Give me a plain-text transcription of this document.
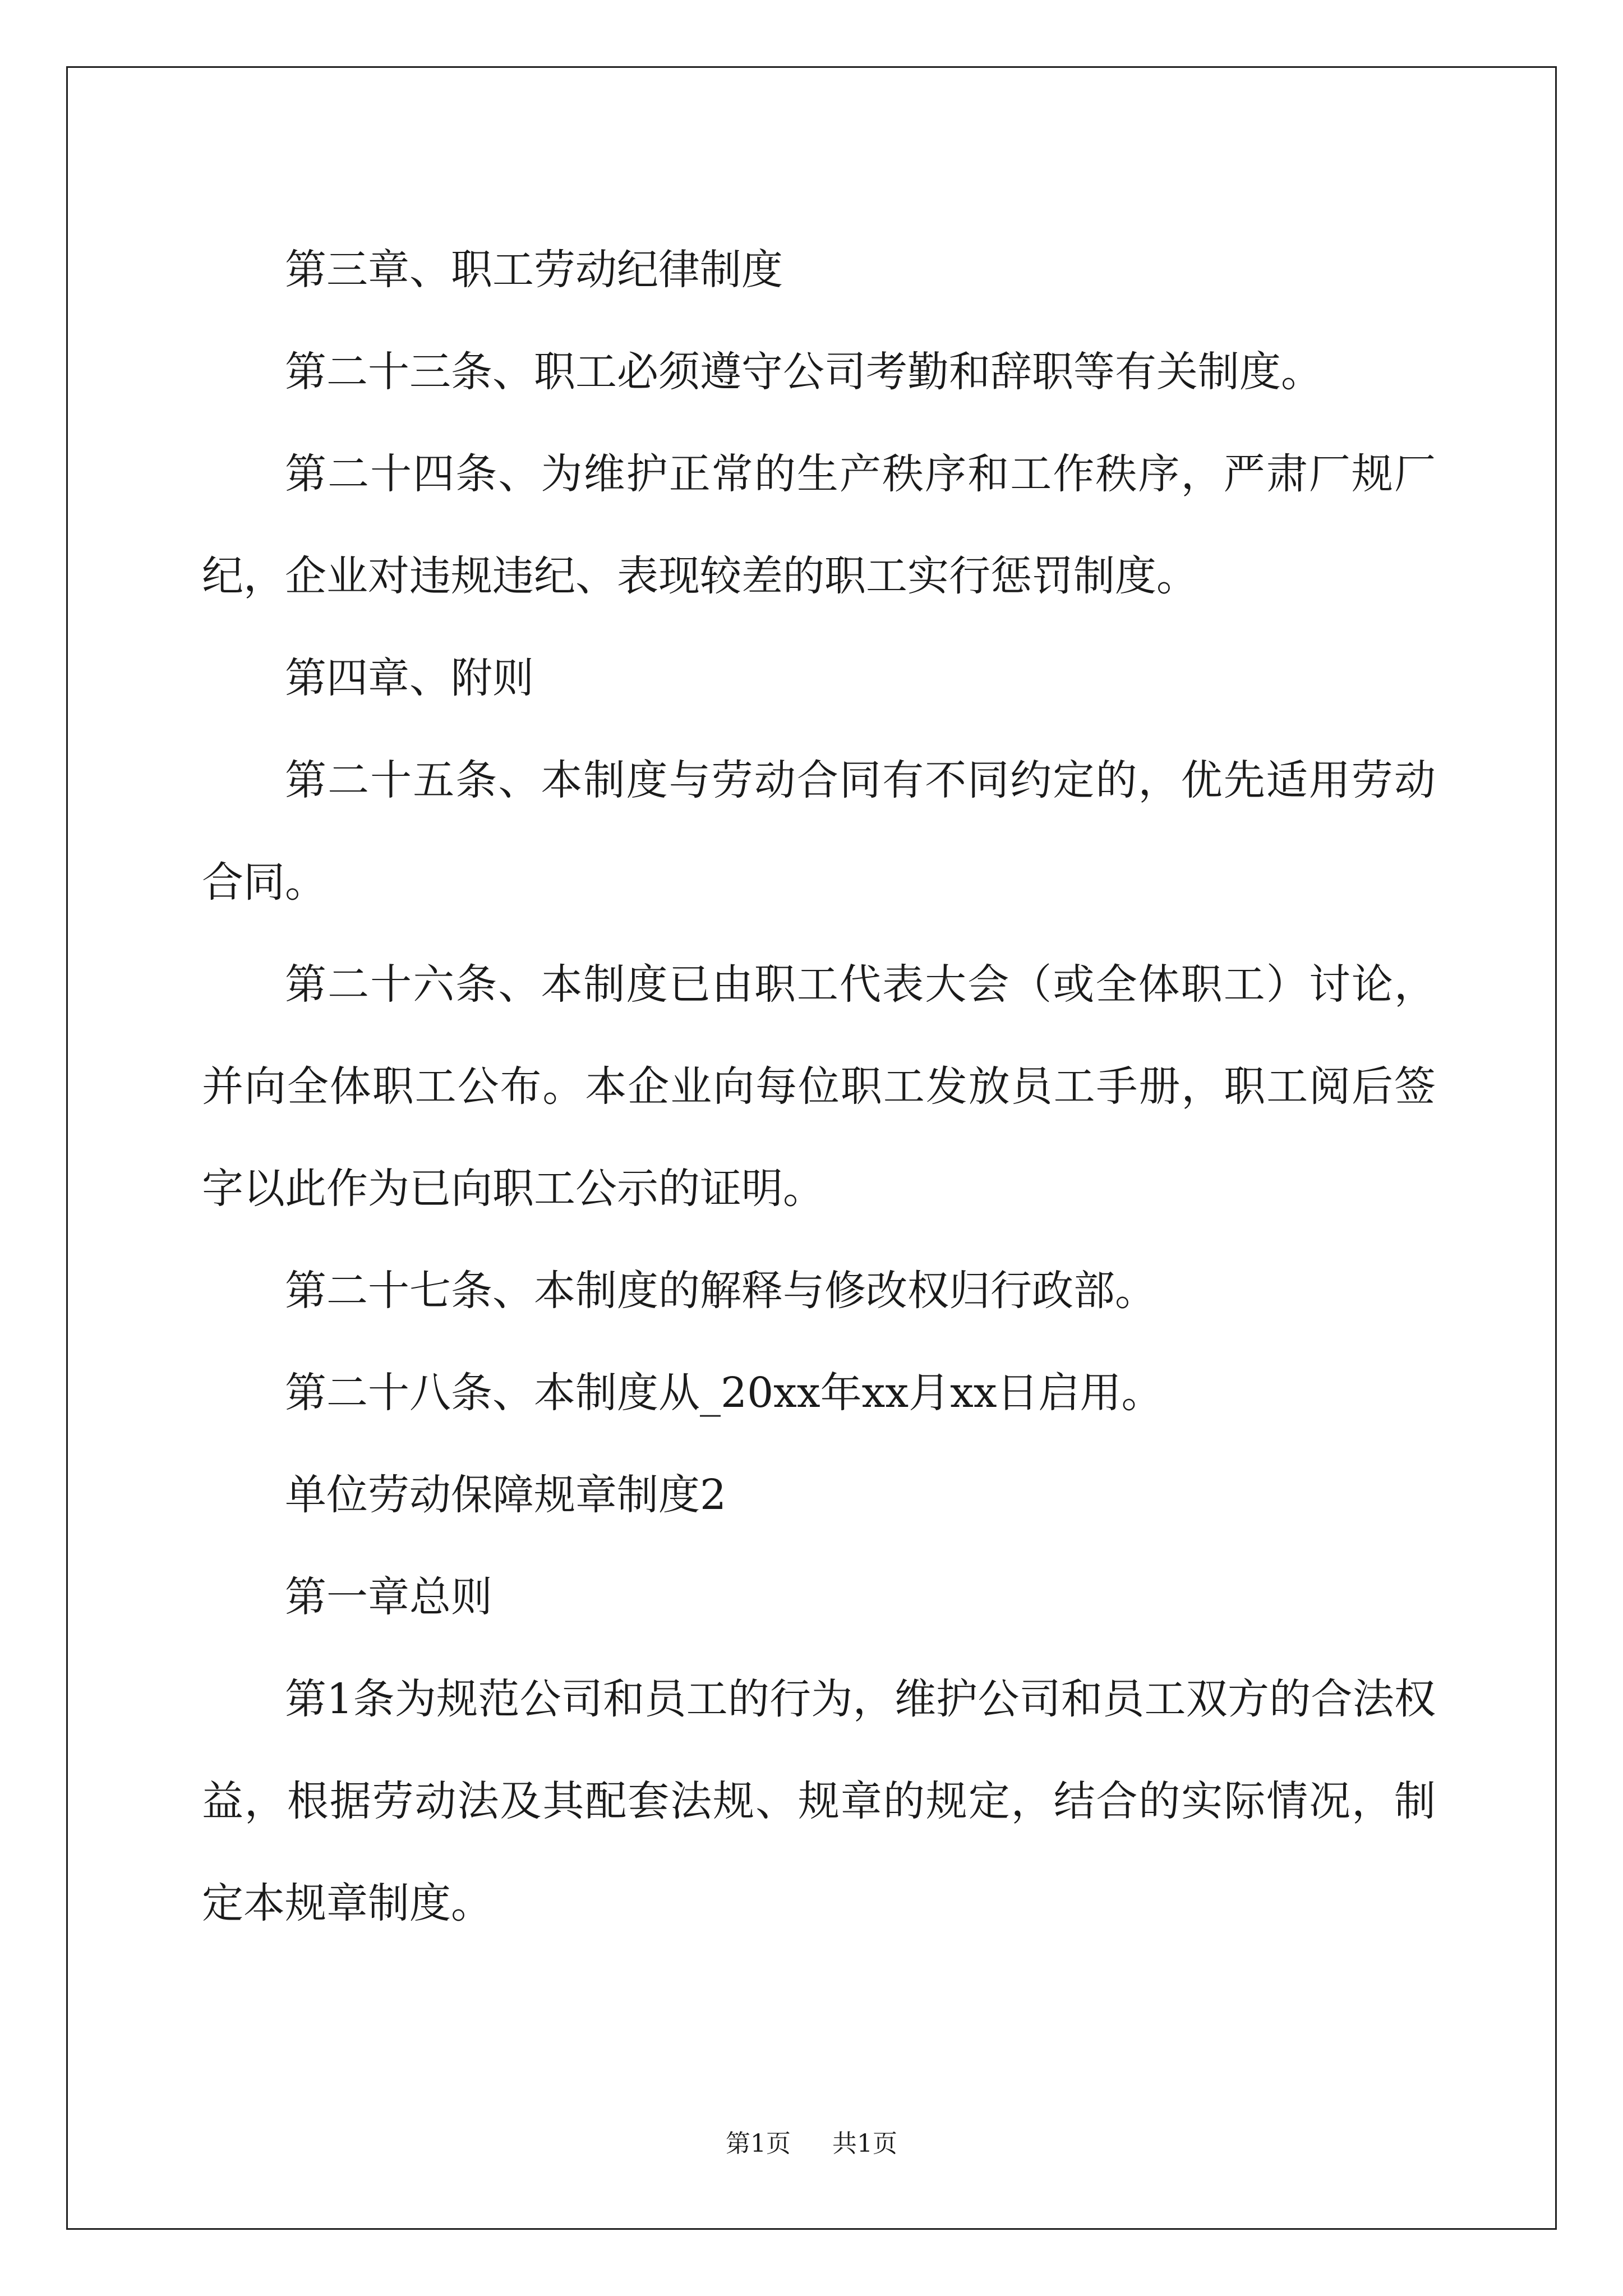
第三章、职工劳动纪律制度

第二十三条、职工必须遵守公司考勤和辞职等有关制度。

第二十四条、为维护正常的生产秩序和工作秩序，严肃厂规厂纪，企业对违规违纪、表现较差的职工实行惩罚制度。

第四章、附则

第二十五条、本制度与劳动合同有不同约定的，优先适用劳动合同。

第二十六条、本制度已由职工代表大会（或全体职工）讨论，并向全体职工公布。本企业向每位职工发放员工手册，职工阅后签字以此作为已向职工公示的证明。

第二十七条、本制度的解释与修改权归行政部。

第二十八条、本制度从_20xx年xx月xx日启用。

单位劳动保障规章制度2

第一章总则

第1条为规范公司和员工的行为，维护公司和员工双方的合法权益，根据劳动法及其配套法规、规章的规定，结合的实际情况，制定本规章制度。

第1页 共1页
